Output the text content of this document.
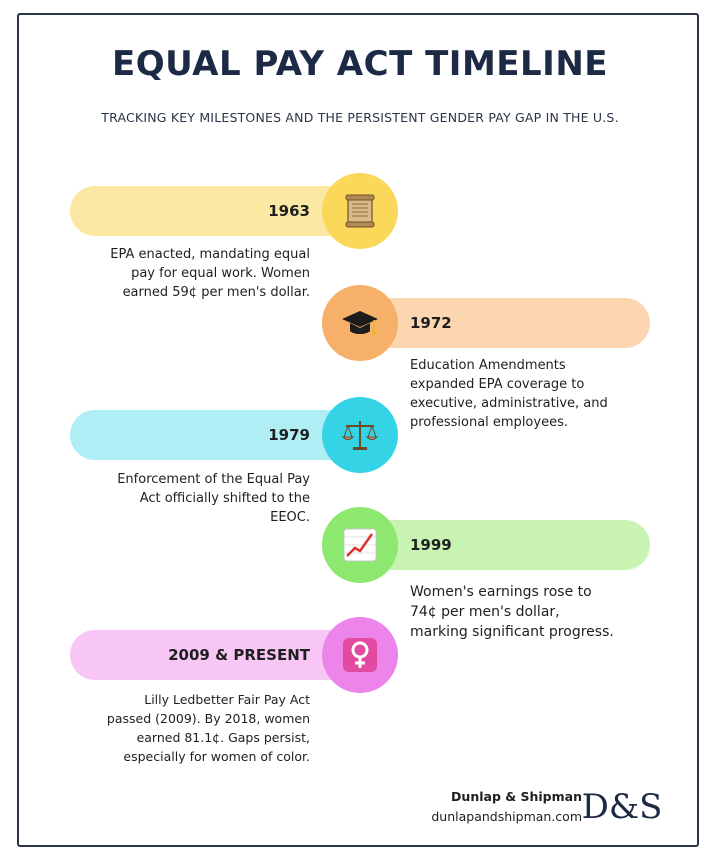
EQUAL PAY ACT TIMELINE
TRACKING KEY MILESTONES AND THE PERSISTENT GENDER PAY GAP IN THE U.S.
1963
EPA enacted, mandating equal
pay for equal work. Women
earned 59¢ per men's dollar.
1972
Education Amendments
expanded EPA coverage to
executive, administrative, and
professional employees.
1979
Enforcement of the Equal Pay
Act officially shifted to the
EEOC.
1999
Women's earnings rose to
74¢ per men's dollar,
marking significant progress.
2009 & PRESENT
Lilly Ledbetter Fair Pay Act
passed (2009). By 2018, women
earned 81.1¢. Gaps persist,
especially for women of color.
Dunlap & Shipman
dunlapandshipman.com D&S
